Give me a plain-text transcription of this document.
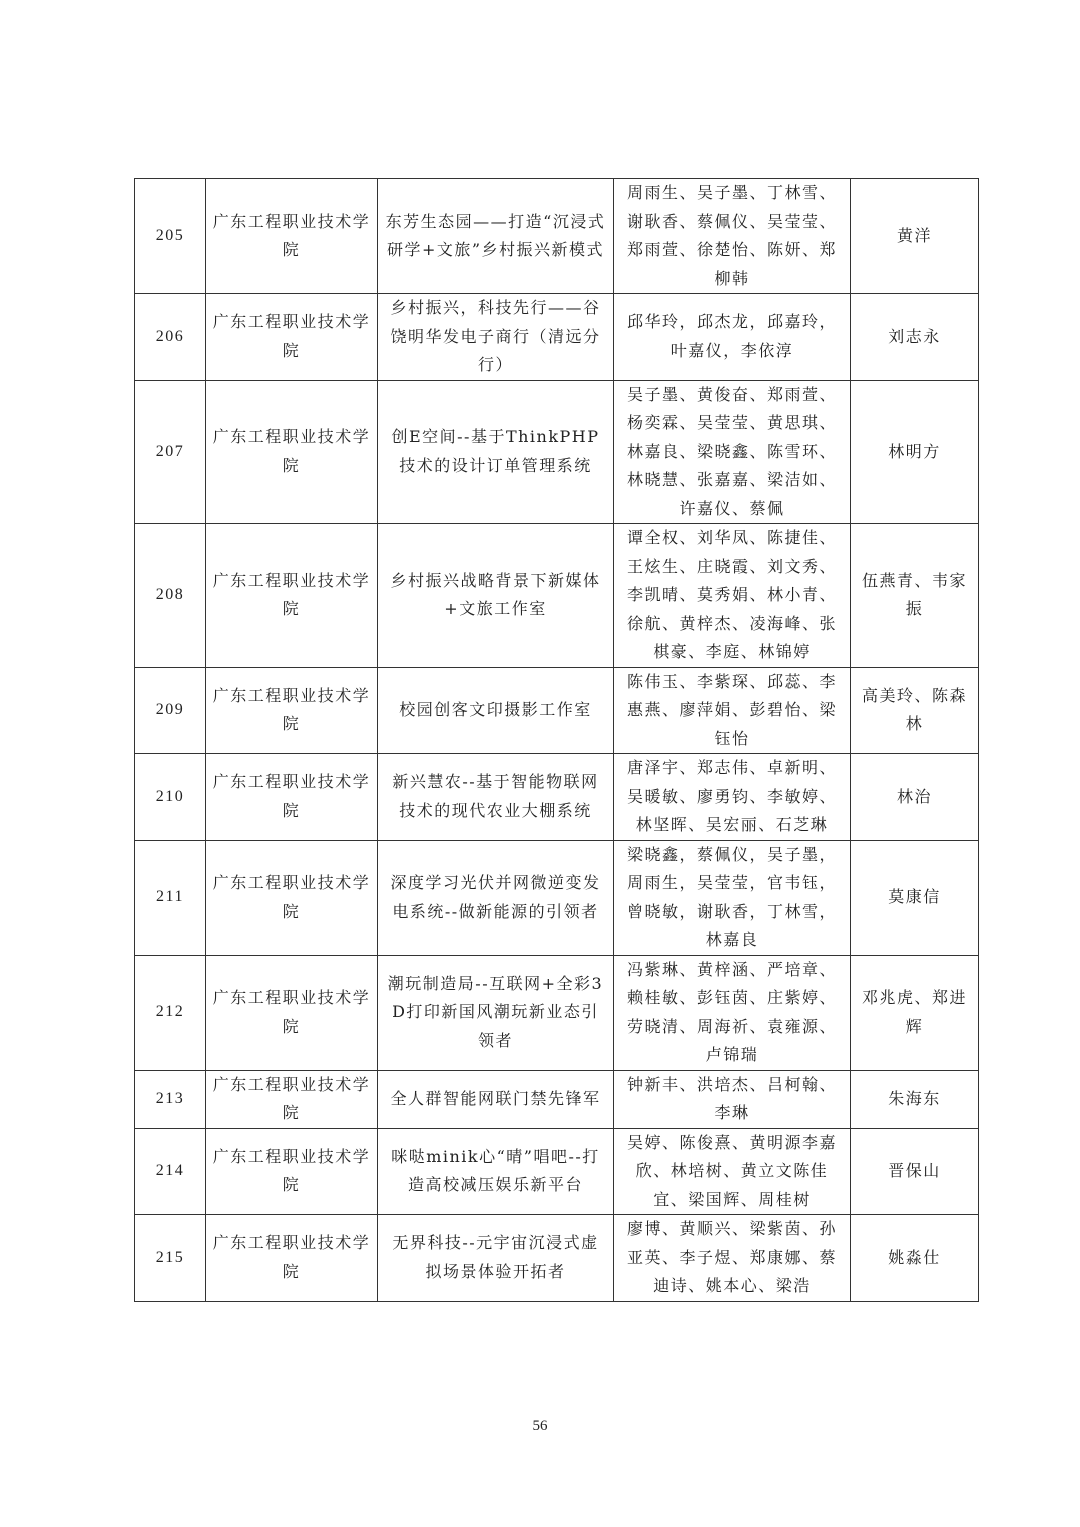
205	广东工程职业技术学院	东芳生态园——打造“沉浸式研学+文旅”乡村振兴新模式	周雨生、吴子墨、丁林雪、谢耿香、蔡佩仪、吴莹莹、郑雨萱、徐楚怡、陈妍、郑柳韩	黄洋
206	广东工程职业技术学院	乡村振兴，科技先行——谷饶明华发电子商行（清远分行）	邱华玲，邱杰龙，邱嘉玲，叶嘉仪，李依淳	刘志永
207	广东工程职业技术学院	创E空间--基于ThinkPHP技术的设计订单管理系统	吴子墨、黄俊奋、郑雨萱、杨奕霖、吴莹莹、黄思琪、林嘉良、梁晓鑫、陈雪环、林晓慧、张嘉嘉、梁洁如、许嘉仪、蔡佩	林明方
208	广东工程职业技术学院	乡村振兴战略背景下新媒体+文旅工作室	谭全权、刘华凤、陈捷佳、王炫生、庄晓霞、刘文秀、李凯晴、莫秀娟、林小青、徐航、黄梓杰、凌海峰、张棋豪、李庭、林锦婷	伍燕青、韦家振
209	广东工程职业技术学院	校园创客文印摄影工作室	陈伟玉、李紫琛、邱蕊、李惠燕、廖萍娟、彭碧怡、梁钰怡	高美玲、陈森林
210	广东工程职业技术学院	新兴慧农--基于智能物联网技术的现代农业大棚系统	唐泽宇、郑志伟、卓新明、吴暖敏、廖勇钧、李敏婷、林坚晖、吴宏丽、石芝琳	林治
211	广东工程职业技术学院	深度学习光伏并网微逆变发电系统--做新能源的引领者	梁晓鑫，蔡佩仪，吴子墨，周雨生，吴莹莹，官韦钰，曾晓敏，谢耿香，丁林雪，林嘉良	莫康信
212	广东工程职业技术学院	潮玩制造局--互联网+全彩3D打印新国风潮玩新业态引领者	冯紫琳、黄梓涵、严培章、赖桂敏、彭钰茵、庄紫婷、劳晓清、周海祈、袁雍源、卢锦瑞	邓兆虎、郑进辉
213	广东工程职业技术学院	全人群智能网联门禁先锋军	钟新丰、洪培杰、吕柯翰、李琳	朱海东
214	广东工程职业技术学院	咪哒minik心“晴”唱吧--打造高校减压娱乐新平台	吴婷、陈俊熹、黄明源李嘉欣、林培树、黄立文陈佳宜、梁国辉、周桂树	晋保山
215	广东工程职业技术学院	无界科技--元宇宙沉浸式虚拟场景体验开拓者	廖博、黄顺兴、梁紫茵、孙亚英、李子煜、郑康娜、蔡迪诗、姚本心、梁浩	姚淼仕
56
